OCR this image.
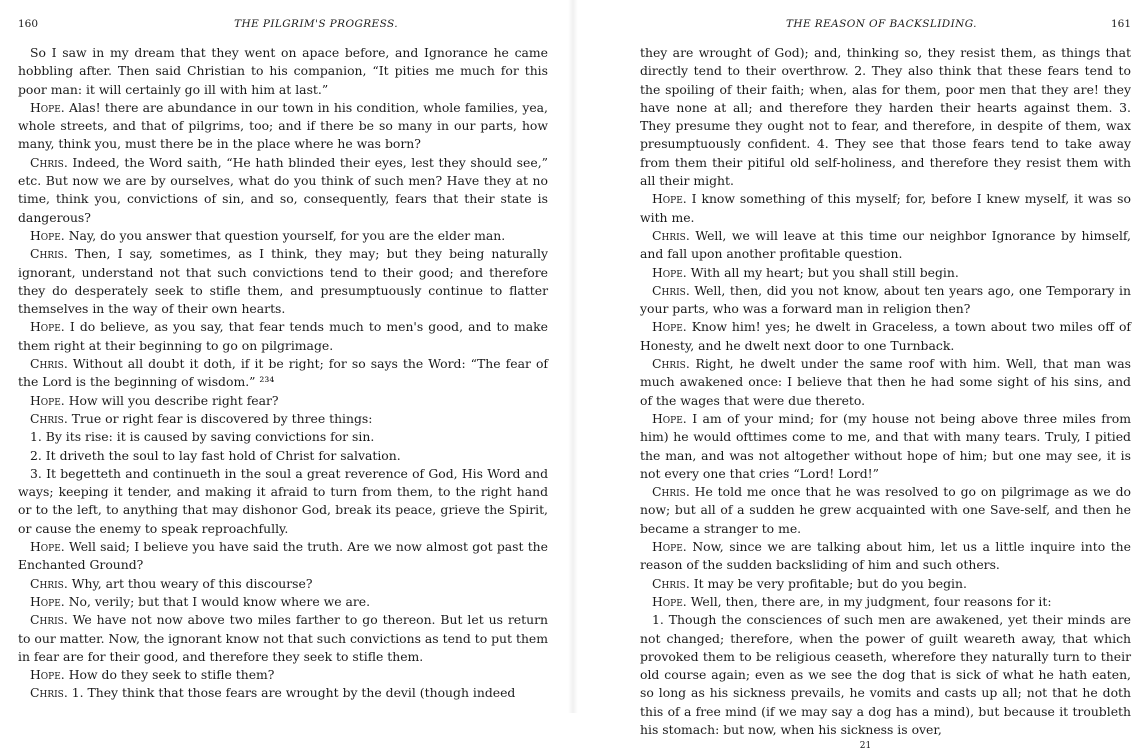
160	THE PILGRIM'S PROGRESS.

So I saw in my dream that they went on apace before, and Ignorance he came hobbling after. Then said Christian to his companion, “It pities me much for this poor man: it will certainly go ill with him at last.”

Hope. Alas! there are abundance in our town in his condition, whole families, yea, whole streets, and that of pilgrims, too; and if there be so many in our parts, how many, think you, must there be in the place where he was born?

Chris. Indeed, the Word saith, “He hath blinded their eyes, lest they should see,” etc. But now we are by ourselves, what do you think of such men? Have they at no time, think you, convictions of sin, and so, consequently, fears that their state is dangerous?

Hope. Nay, do you answer that question yourself, for you are the elder man.

Chris. Then, I say, sometimes, as I think, they may; but they being naturally ignorant, understand not that such convictions tend to their good; and therefore they do desperately seek to stifle them, and presumptuously continue to flatter themselves in the way of their own hearts.

Hope. I do believe, as you say, that fear tends much to men's good, and to make them right at their beginning to go on pilgrimage.

Chris. Without all doubt it doth, if it be right; for so says the Word: “The fear of the Lord is the beginning of wisdom.” ²³⁴

Hope. How will you describe right fear?

Chris. True or right fear is discovered by three things:

1. By its rise: it is caused by saving convictions for sin.

2. It driveth the soul to lay fast hold of Christ for salvation.

3. It begetteth and continueth in the soul a great reverence of God, His Word and ways; keeping it tender, and making it afraid to turn from them, to the right hand or to the left, to anything that may dishonor God, break its peace, grieve the Spirit, or cause the enemy to speak reproachfully.

Hope. Well said; I believe you have said the truth. Are we now almost got past the Enchanted Ground?

Chris. Why, art thou weary of this discourse?

Hope. No, verily; but that I would know where we are.

Chris. We have not now above two miles farther to go thereon. But let us return to our matter. Now, the ignorant know not that such convictions as tend to put them in fear are for their good, and therefore they seek to stifle them.

Hope. How do they seek to stifle them?

Chris. 1. They think that those fears are wrought by the devil (though indeed

THE REASON OF BACKSLIDING.	161

they are wrought of God); and, thinking so, they resist them, as things that directly tend to their overthrow. 2. They also think that these fears tend to the spoiling of their faith; when, alas for them, poor men that they are! they have none at all; and therefore they harden their hearts against them. 3. They presume they ought not to fear, and therefore, in despite of them, wax presumptuously confident. 4. They see that those fears tend to take away from them their pitiful old self-holiness, and therefore they resist them with all their might.

Hope. I know something of this myself; for, before I knew myself, it was so with me.

Chris. Well, we will leave at this time our neighbor Ignorance by himself, and fall upon another profitable question.

Hope. With all my heart; but you shall still begin.

Chris. Well, then, did you not know, about ten years ago, one Temporary in your parts, who was a forward man in religion then?

Hope. Know him! yes; he dwelt in Graceless, a town about two miles off of Honesty, and he dwelt next door to one Turnback.

Chris. Right, he dwelt under the same roof with him. Well, that man was much awakened once: I believe that then he had some sight of his sins, and of the wages that were due thereto.

Hope. I am of your mind; for (my house not being above three miles from him) he would ofttimes come to me, and that with many tears. Truly, I pitied the man, and was not altogether without hope of him; but one may see, it is not every one that cries “Lord! Lord!”

Chris. He told me once that he was resolved to go on pilgrimage as we do now; but all of a sudden he grew acquainted with one Save-self, and then he became a stranger to me.

Hope. Now, since we are talking about him, let us a little inquire into the reason of the sudden backsliding of him and such others.

Chris. It may be very profitable; but do you begin.

Hope. Well, then, there are, in my judgment, four reasons for it:

1. Though the consciences of such men are awakened, yet their minds are not changed; therefore, when the power of guilt weareth away, that which provoked them to be religious ceaseth, wherefore they naturally turn to their old course again; even as we see the dog that is sick of what he hath eaten, so long as his sickness prevails, he vomits and casts up all; not that he doth this of a free mind (if we may say a dog has a mind), but because it troubleth his stomach: but now, when his sickness is over,

21
